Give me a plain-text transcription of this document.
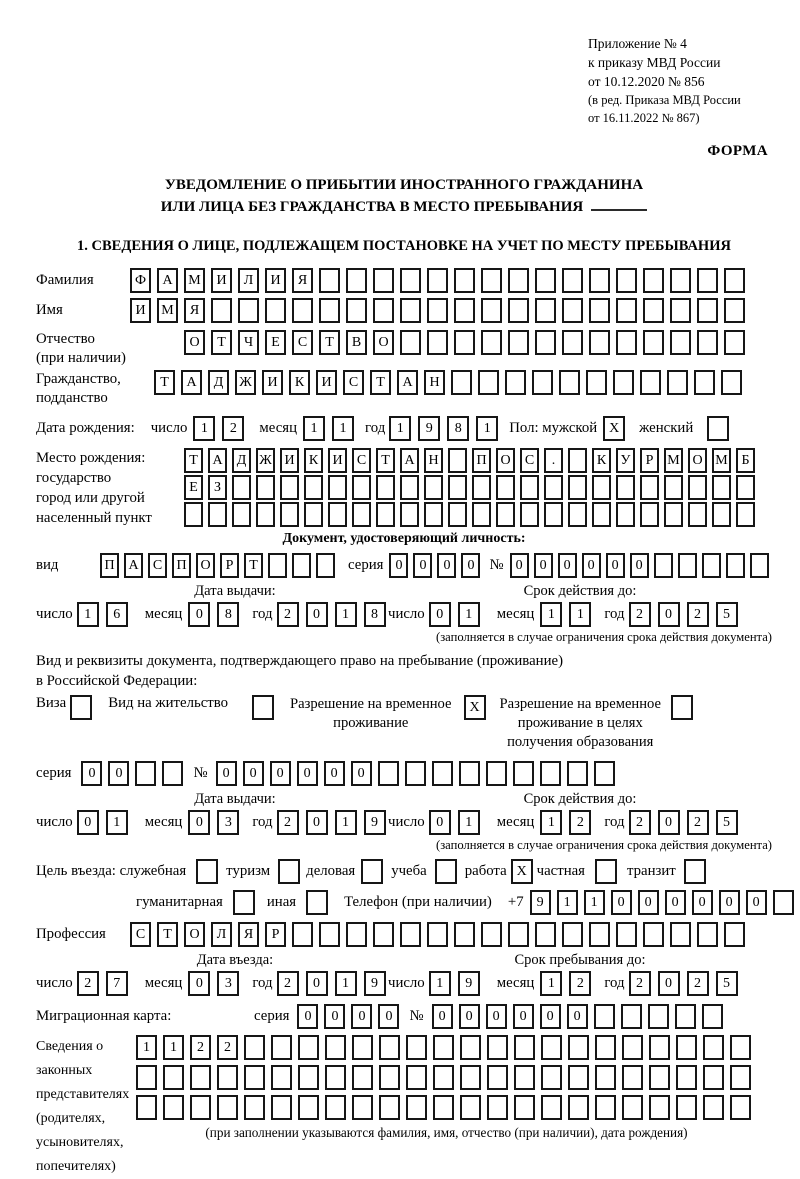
Приложение № 4
к приказу МВД России
от 10.12.2020 № 856
(в ред. Приказа МВД России
от 16.11.2022 № 867)
ФОРМА
УВЕДОМЛЕНИЕ О ПРИБЫТИИ ИНОСТРАННОГО ГРАЖДАНИНА
ИЛИ ЛИЦА БЕЗ ГРАЖДАНСТВА В МЕСТО ПРЕБЫВАНИЯ
1. СВЕДЕНИЯ О ЛИЦЕ, ПОДЛЕЖАЩЕМ ПОСТАНОВКЕ НА УЧЕТ ПО МЕСТУ ПРЕБЫВАНИЯ
Фамилия	Ф	А	М	И	Л	И	Я
Имя	И	М	Я
Отчество
(при наличии)
О	Т	Ч	Е	С	Т	В	О
Гражданство,
подданство
Т	А	Д	Ж	И	К	И	С	Т	А	Н
Дата рождения: число 1	2	месяц 1	1	год 1	9	8	1	Пол: мужской X	женский
Место рождения:
государство
город или другой
населенный пункт
Т	А	Д Ж И	К	И	С	Т	А Н	П О	С	.	К	У	Р М О М Б
Е	З
Документ, удостоверяющий личность:
вид	П А	С	П О	Р	Т	серия 0	0	0	0	№ 0	0	0	0	0	0
Дата выдачи:
число 1	6	месяц 0	8	год 2	0	1	8
Срок действия до:
число 0	1	месяц 1	1	год 2	0	2	5
(заполняется в случае ограничения срока действия документа)
Вид и реквизиты документа, подтверждающего право на пребывание (проживание)
в Российской Федерации:
Виза	Вид на жительство	Разрешение на временное
проживание
X	Разрешение на временное
проживание в целях
получения образования
серия	0	0	№	0	0	0	0	0	0
Дата выдачи:
число 0	1	месяц 0	3	год 2	0	1	9
Срок действия до:
число 0	1	месяц 1	2	год 2	0	2	5
(заполняется в случае ограничения срока действия документа)
Цель въезда: служебная	туризм деловая учеба	работа X частная	транзит
гуманитарная	иная	Телефон (при наличии) +7 9	1	1	0	0	0	0	0	0
Профессия	С	Т	О	Л	Я	Р
Дата въезда:
число 2	7	месяц 0	3	год 2	0	1	9
Срок пребывания до:
число 1	9	месяц 1	2	год 2	0	2	5
Миграционная карта:	серия	0	0	0	0	№	0	0	0	0	0	0
Сведения о
законных
представителях
(родителях,
усыновителях,
попечителях)
1	1	2	2
(при заполнении указываются фамилия, имя, отчество (при наличии), дата рождения)
